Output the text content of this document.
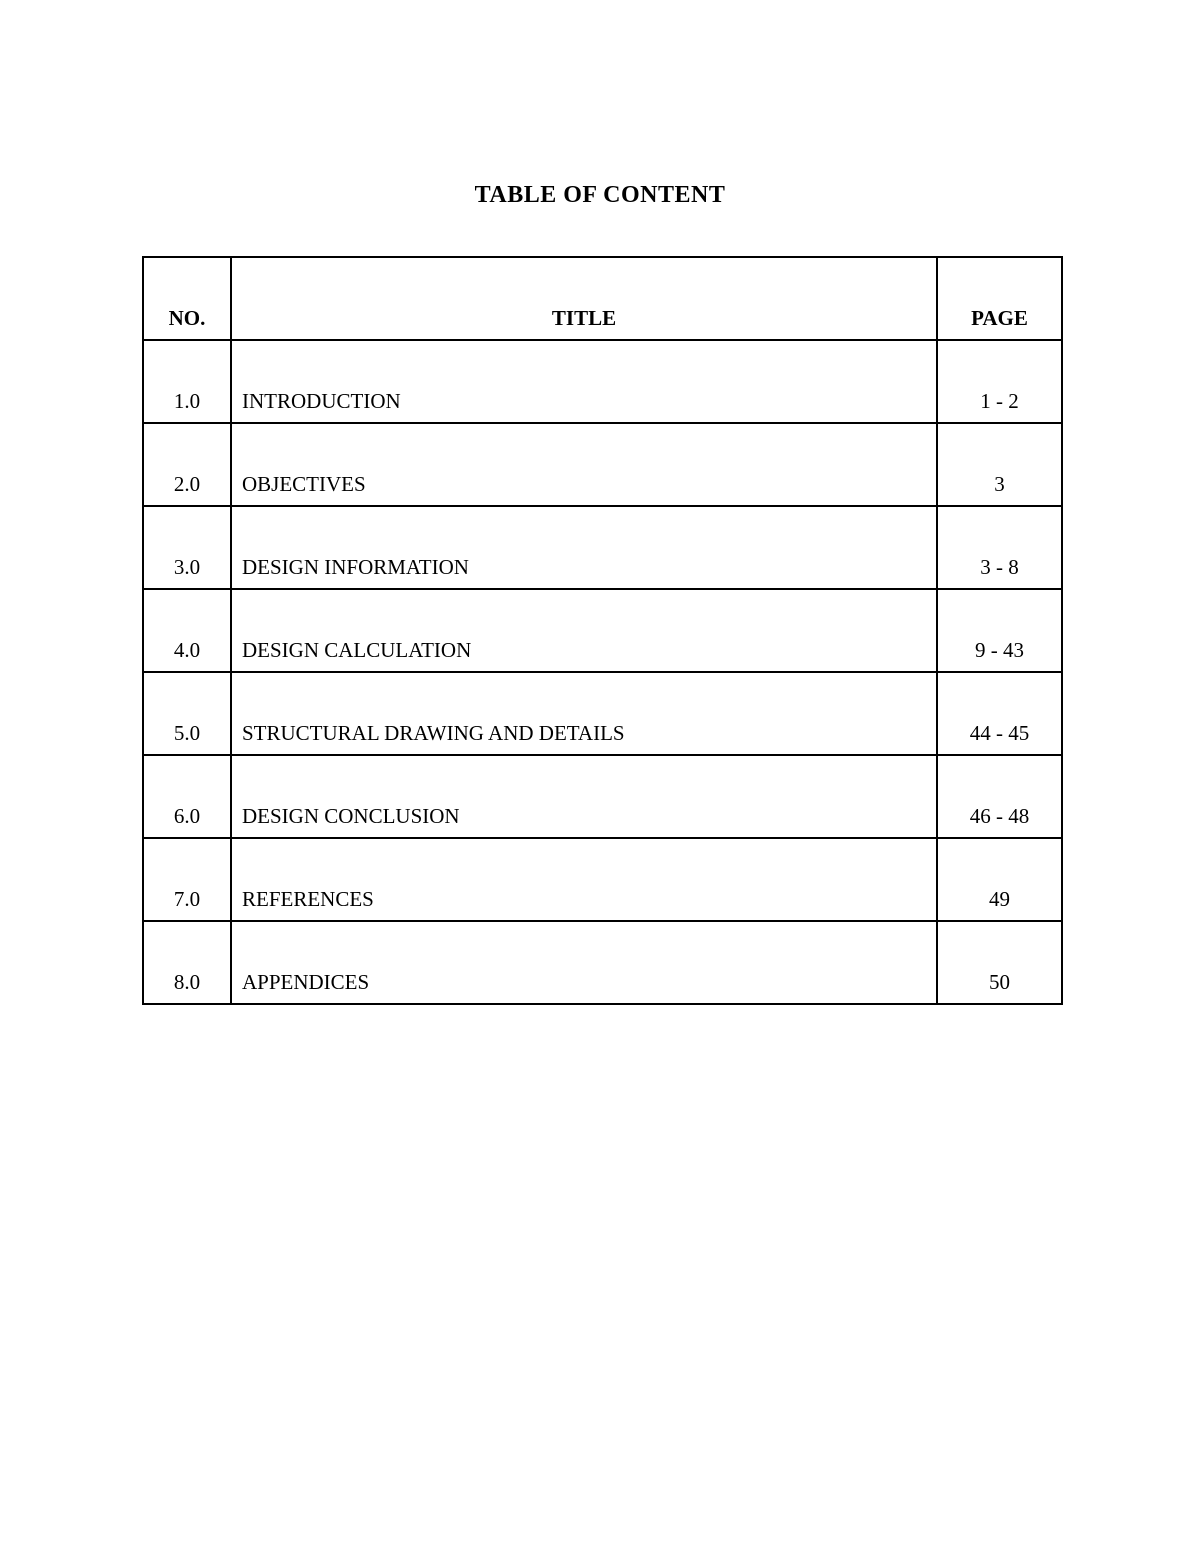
TABLE OF CONTENT
NO.	TITLE	PAGE
1.0	INTRODUCTION	1 - 2
2.0	OBJECTIVES	3
3.0	DESIGN INFORMATION	3 - 8
4.0	DESIGN CALCULATION	9 - 43
5.0	STRUCTURAL DRAWING AND DETAILS	44 - 45
6.0	DESIGN CONCLUSION	46 - 48
7.0	REFERENCES	49
8.0	APPENDICES	50
